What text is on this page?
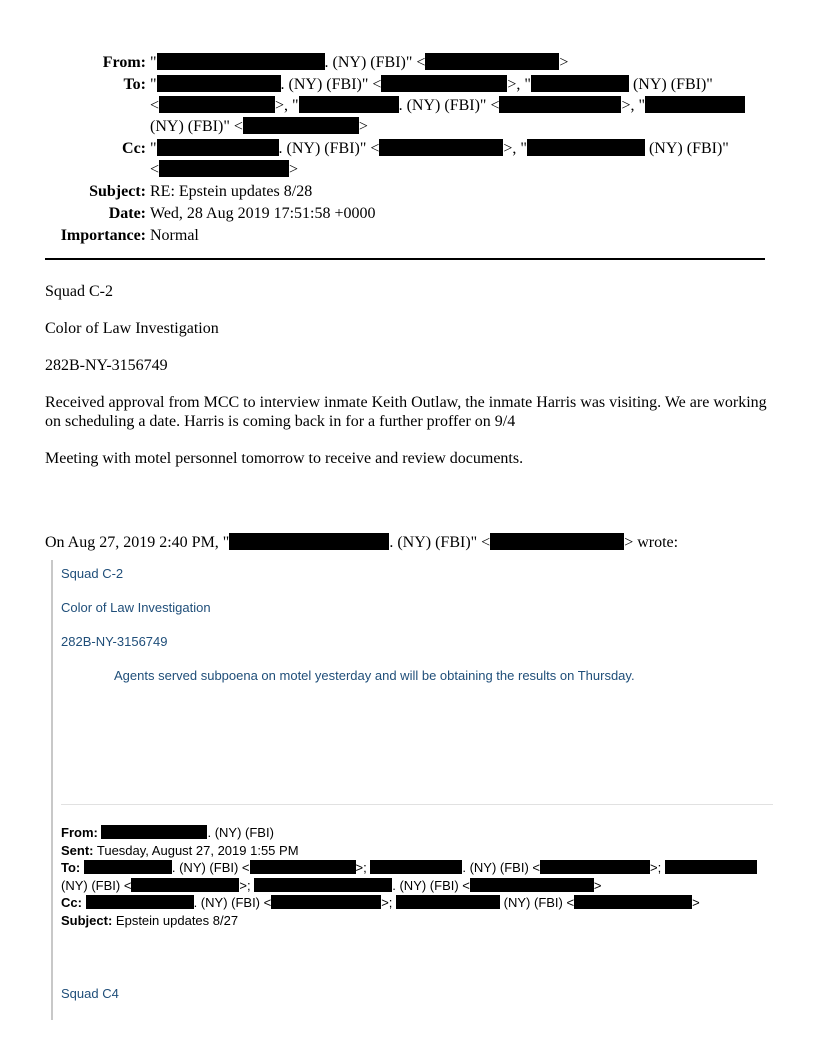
From: "	. (NY) (FBI)" <	>
To: "	. (NY) (FBI)" <	>, "	(NY) (FBI)"
<	>, "	. (NY) (FBI)" <	>, "
(NY) (FBI)" <	>
Cc: "	. (NY) (FBI)" <	>, "	(NY) (FBI)"
<	>
Subject: RE: Epstein updates 8/28
Date: Wed, 28 Aug 2019 17:51:58 +0000
Importance: Normal

Squad C-2

Color of Law Investigation

282B-NY-3156749

Received approval from MCC to interview inmate Keith Outlaw, the inmate Harris was visiting. We are working on scheduling a date. Harris is coming back in for a further proffer on 9/4

Meeting with motel personnel tomorrow to receive and review documents.

On Aug 27, 2019 2:40 PM, "	. (NY) (FBI)" <	> wrote:
Squad C-2
Color of Law Investigation
282B-NY-3156749
Agents served subpoena on motel yesterday and will be obtaining the results on Thursday.
From:	. (NY) (FBI)
Sent: Tuesday, August 27, 2019 1:55 PM
To:	. (NY) (FBI) <	>;	. (NY) (FBI) <	>;
(NY) (FBI) <	>;	. (NY) (FBI) <	>
Cc:	. (NY) (FBI) <	>;	(NY) (FBI) <	>
Subject: Epstein updates 8/27
Squad C4
